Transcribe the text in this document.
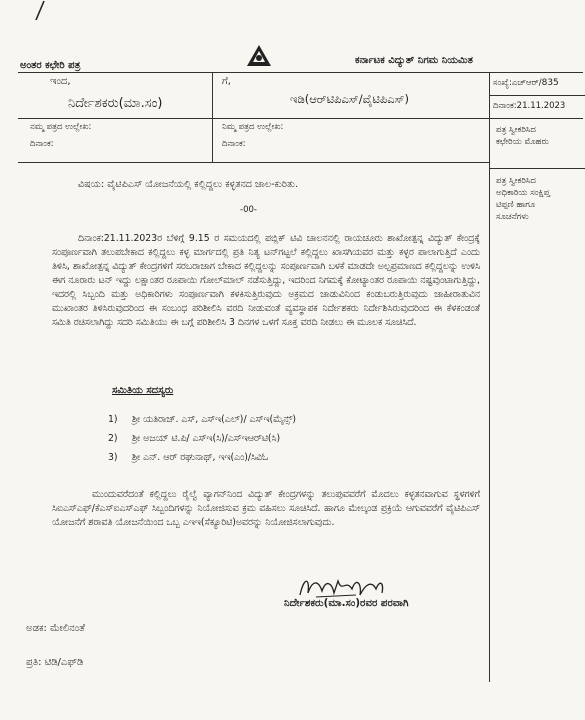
ಅಂತರ ಕಛೇರಿ ಪತ್ರ	ಕರ್ನಾಟಕ ವಿದ್ಯುತ್ ನಿಗಮ ನಿಯಮಿತ
ಇಂದ,
ನಿರ್ದೇಶಕರು(ಮಾ.ಸಂ)
ಗೆ,
ಇಡಿ(ಆರ್‌ಟಿಪಿಎಸ್/ವೈಟಿಪಿಎಸ್)
ಸಂಖ್ಯೆ:ಎಚ್‌ಆರ್/835
ದಿನಾಂಕ:21.11.2023
ನಮ್ಮ ಪತ್ರದ ಉಲ್ಲೇಖ:
ದಿನಾಂಕ:
ನಿಮ್ಮ ಪತ್ರದ ಉಲ್ಲೇಖ:
ದಿನಾಂಕ:
ಪತ್ರ ಸ್ವೀಕರಿಸಿದ ಕಛೇರಿಯ ಮೊಹರು
ಪತ್ರ ಸ್ವೀಕರಿಸಿದ ಅಧಿಕಾರಿಯ ಸಂಕ್ಷಿಪ್ತ ಟಿಪ್ಪಣಿ ಹಾಗೂ ಸೂಚನೆಗಳು
ವಿಷಯ: ವೈಟಿಪಿಎಸ್ ಯೋಜನೆಯಲ್ಲಿ ಕಲ್ಲಿದ್ದಲು ಕಳ್ಳತನದ ಜಾಲ-ಕುರಿತು.
-00-
ದಿನಾಂಕ:21.11.2023ರ ಬೆಳಿಗ್ಗೆ 9.15 ರ ಸಮಯದಲ್ಲಿ ಪಬ್ಲಿಕ್ ಟಿವಿ ಚಾಲನನಲ್ಲಿ ರಾಯಚೂರು ಶಾಖೋತ್ಪನ್ನ ವಿದ್ಯುತ್ ಕೇಂದ್ರಕ್ಕೆ ಸಂಪೂರ್ಣವಾಗಿ ತಲುಪಬೇಕಾದ ಕಲ್ಲಿದ್ದಲು ಕಳ್ಳ ಮಾರ್ಗದಲ್ಲಿ ಪ್ರತಿ ನಿತ್ಯ ಟನ್‌ಗಟ್ಟಲೆ ಕಲ್ಲಿದ್ದಲು ಖಾಸಗಿಯವರ ಮತ್ತು ಕಳ್ಳರ ಪಾಲಾಗುತ್ತಿದೆ ಎಂದು ತಿಳಿಸಿ, ಶಾಖೋತ್ಪನ್ನ ವಿದ್ಯುತ್ ಕೇಂದ್ರಗಳಿಗೆ ಸರಬರಾಜಾಗ ಬೇಕಾದ ಕಲ್ಲಿದ್ದಲನ್ನು ಸಂಪೂರ್ಣವಾಗಿ ಬಳಕೆ ಮಾಡದೇ ಅಲ್ಪಪ್ರಮಾಣದ ಕಲ್ಲಿದ್ದಲನ್ನು ಉಳಿಸಿ ಈಗ ನೂರಾರು ಟನ್ ಇದ್ದು ಲಕ್ಷಾಂತರ ರೂಪಾಯಿ ಗೋಲ್‌ಮಾಲ್ ನಡೆಸುತ್ತಿದ್ದು, ಇದರಿಂದ ನಿಗಮಕ್ಕೆ ಕೋಟ್ಯಾಂತರ ರೂಪಾಯಿ ನಷ್ಟವುಂಟಾಗುತ್ತಿದ್ದು, ಇದರಲ್ಲಿ ಸಿಬ್ಬಂದಿ ಮತ್ತು ಅಧಿಕಾರಿಗಳು ಸಂಪೂರ್ಣವಾಗಿ ಕಳಕಿಸುತ್ತಿರುವುದು ಅಕ್ರಮದ ಜಾಡುವಿನಿಂದ ಕಂಡುಬರುತ್ತಿರುವುದು ಜಾಹೀರಾತುವಿನ ಮುಖಾಂತರ ತಿಳಿಸಿರುವುದರಿಂದ ಈ ಸಂಬಂಧ ಪರಿಶೀಲಿಸಿ ವರದಿ ನೀಡುವಂತೆ ವ್ಯವಸ್ಥಾಪಕ ನಿರ್ದೇಶಕರು ನಿರ್ದೇಶಿಸಿರುವುದರಿಂದ ಈ ಕೆಳಕಂಡಂತೆ ಸಮಿತಿ ರಚಿಸಲಾಗಿದ್ದು ಸದರಿ ಸಮಿತಿಯು ಈ ಬಗ್ಗೆ ಪರಿಶೀಲಿಸಿ 3 ದಿನಗಳ ಒಳಗೆ ಸೂಕ್ತ ವರದಿ ನೀಡಲು ಈ ಮೂಲಕ ಸೂಚಿಸಿದೆ.
ಸಮಿತಿಯ ಸದಸ್ಯರು
1) ಶ್ರೀ ಯತಿರಾಜ್. ಎಸ್, ಎಸ್‌ಇ(ಎಲ್)/ ಎಸ್‌ಇ(ಮೈನ್ಸ್)
2) ಶ್ರೀ ಅಜಯ್ ಟಿ.ಪಿ/ ಎಸ್‌ಇ(ಸಿ)/ಎಸ್‌ಇಆರ್‌ಟಿ(ಸಿ)
3) ಶ್ರೀ ಎನ್. ಆರ್ ರಘುನಾಥ್, ಇಇ(ಎಂ)/ಸಿವಿಓ
ಮುಂದುವರೆದಂತೆ ಕಲ್ಲಿದ್ದಲು ರೈಲ್ವೆ ವ್ಯಾಗನ್‌ನಿಂದ ವಿದ್ಯುತ್ ಕೇಂದ್ರಗಳನ್ನು ತಲುಪುವವರೆಗೆ ಮೊದಲು ಕಳ್ಳತನವಾಗುವ ಸ್ಥಳಗಳಿಗೆ ಸಿಐಎಸ್‌ಎಫ್/ಕೆಎಸ್‌ಐಎಸ್‌ಎಫ್ ಸಿಬ್ಬಂದಿಗಳನ್ನು ನಿಯೋಜಿಸುವ ಕ್ರಮ ವಹಿಸಲು ಸೂಚಿಸಿದೆ. ಹಾಗೂ ಮೇಲ್ಕಂಡ ಪ್ರಕ್ರಿಯೆ ಆಗುವವರೆಗೆ ವೈಟಿಪಿಎಸ್ ಯೋಜನೆಗೆ ಶರಾವತಿ ಯೋಜನೆಯಿಂದ ಒಬ್ಬ ಎಇಇ(ಸೆಕ್ಯೂರಿಟಿ)ಅವರನ್ನು ನಿಯೋಜಿಸಲಾಗುವುದು.
ನಿರ್ದೇಶಕರು(ಮಾ.ಸಂ)ರವರ ಪರವಾಗಿ
ಅಡಕ: ಮೇಲಿನಂತೆ
ಪ್ರತಿ: ಟಿಡಿ/ಎಫ್‌ಡಿ
